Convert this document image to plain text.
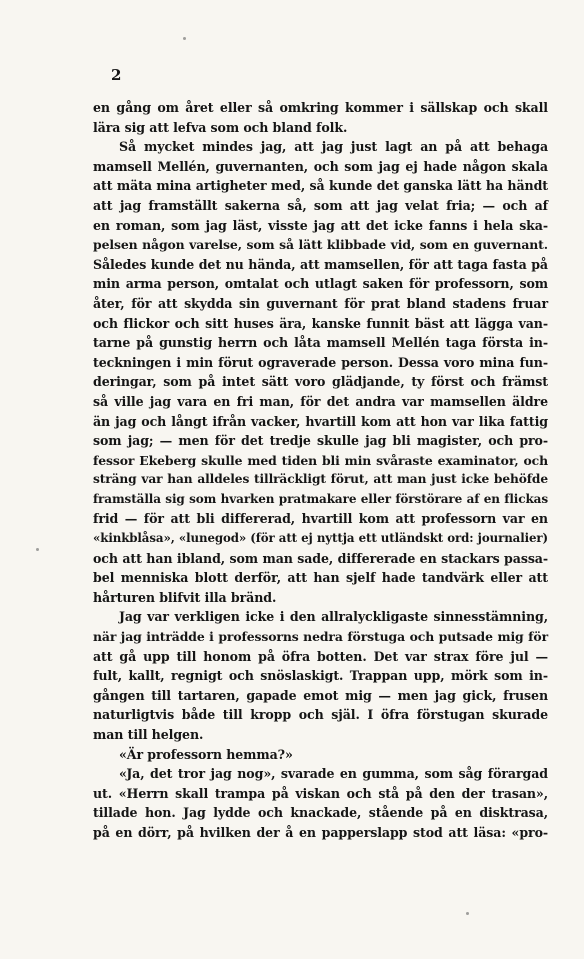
2
en gång om året eller så omkring kommer i sällskap och skall
lära sig att lefva som och bland folk.
Så mycket mindes jag, att jag just lagt an på att behaga
mamsell Mellén, guvernanten, och som jag ej hade någon skala
att mäta mina artigheter med, så kunde det ganska lätt ha händt
att jag framställt sakerna så, som att jag velat fria; — och af
en roman, som jag läst, visste jag att det icke fanns i hela ska-
pelsen någon varelse, som så lätt klibbade vid, som en guvernant.
Således kunde det nu hända, att mamsellen, för att taga fasta på
min arma person, omtalat och utlagt saken för professorn, som
åter, för att skydda sin guvernant för prat bland stadens fruar
och flickor och sitt huses ära, kanske funnit bäst att lägga van-
tarne på gunstig herrn och låta mamsell Mellén taga första in-
teckningen i min förut ograverade person. Dessa voro mina fun-
deringar, som på intet sätt voro glädjande, ty först och främst
så ville jag vara en fri man, för det andra var mamsellen äldre
än jag och långt ifrån vacker, hvartill kom att hon var lika fattig
som jag; — men för det tredje skulle jag bli magister, och pro-
fessor Ekeberg skulle med tiden bli min svåraste examinator, och
sträng var han alldeles tillräckligt förut, att man just icke behöfde
framställa sig som hvarken pratmakare eller förstörare af en flickas
frid — för att bli differerad, hvartill kom att professorn var en
«kinkblåsa», «lunegod» (för att ej nyttja ett utländskt ord: journalier)
och att han ibland, som man sade, differerade en stackars passa-
bel menniska blott derför, att han sjelf hade tandvärk eller att
hårturen blifvit illa bränd.
Jag var verkligen icke i den allralyckligaste sinnesstämning,
när jag inträdde i professorns nedra förstuga och putsade mig för
att gå upp till honom på öfra botten. Det var strax före jul —
fult, kallt, regnigt och snöslaskigt. Trappan upp, mörk som in-
gången till tartaren, gapade emot mig — men jag gick, frusen
naturligtvis både till kropp och själ. I öfra förstugan skurade
man till helgen.
«Är professorn hemma?»
«Ja, det tror jag nog», svarade en gumma, som såg förargad
ut. «Herrn skall trampa på viskan och stå på den der trasan»,
tillade hon. Jag lydde och knackade, stående på en disktrasa,
på en dörr, på hvilken der å en papperslapp stod att läsa: «pro-
